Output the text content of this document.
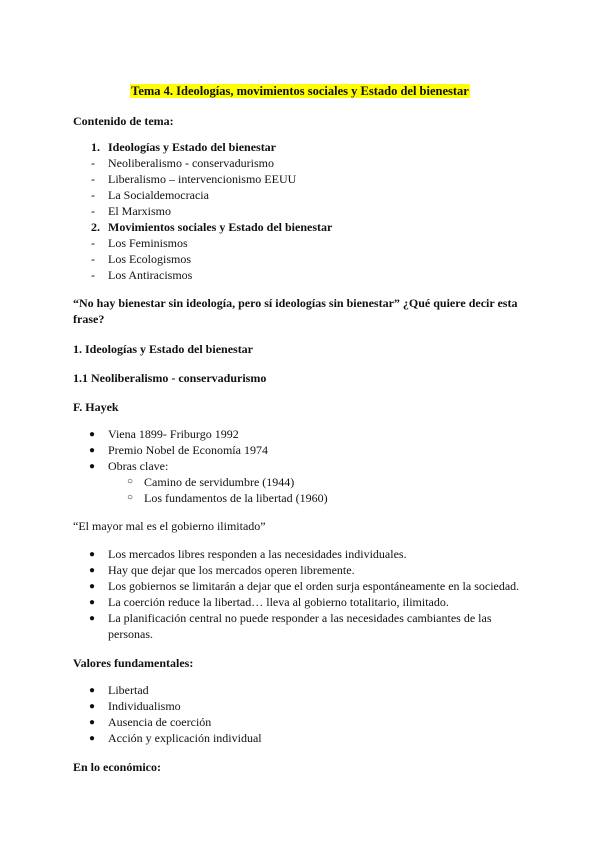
Tema 4. Ideologías, movimientos sociales y Estado del bienestar
Contenido de tema:
1. Ideologías y Estado del bienestar
- Neoliberalismo - conservadurismo
- Liberalismo – intervencionismo EEUU
- La Socialdemocracia
- El Marxismo
2. Movimientos sociales y Estado del bienestar
- Los Feminismos
- Los Ecologismos
- Los Antiracismos
“No hay bienestar sin ideología, pero sí ideologías sin bienestar” ¿Qué quiere decir esta
frase?
1. Ideologías y Estado del bienestar
1.1 Neoliberalismo - conservadurismo
F. Hayek
● Viena 1899- Friburgo 1992
● Premio Nobel de Economía 1974
● Obras clave:
○ Camino de servidumbre (1944)
○ Los fundamentos de la libertad (1960)
“El mayor mal es el gobierno ilimitado”
● Los mercados libres responden a las necesidades individuales.
● Hay que dejar que los mercados operen libremente.
● Los gobiernos se limitarán a dejar que el orden surja espontáneamente en la sociedad.
● La coerción reduce la libertad… lleva al gobierno totalitario, ilimitado.
● La planificación central no puede responder a las necesidades cambiantes de las personas.
Valores fundamentales:
● Libertad
● Individualismo
● Ausencia de coerción
● Acción y explicación individual
En lo económico:
